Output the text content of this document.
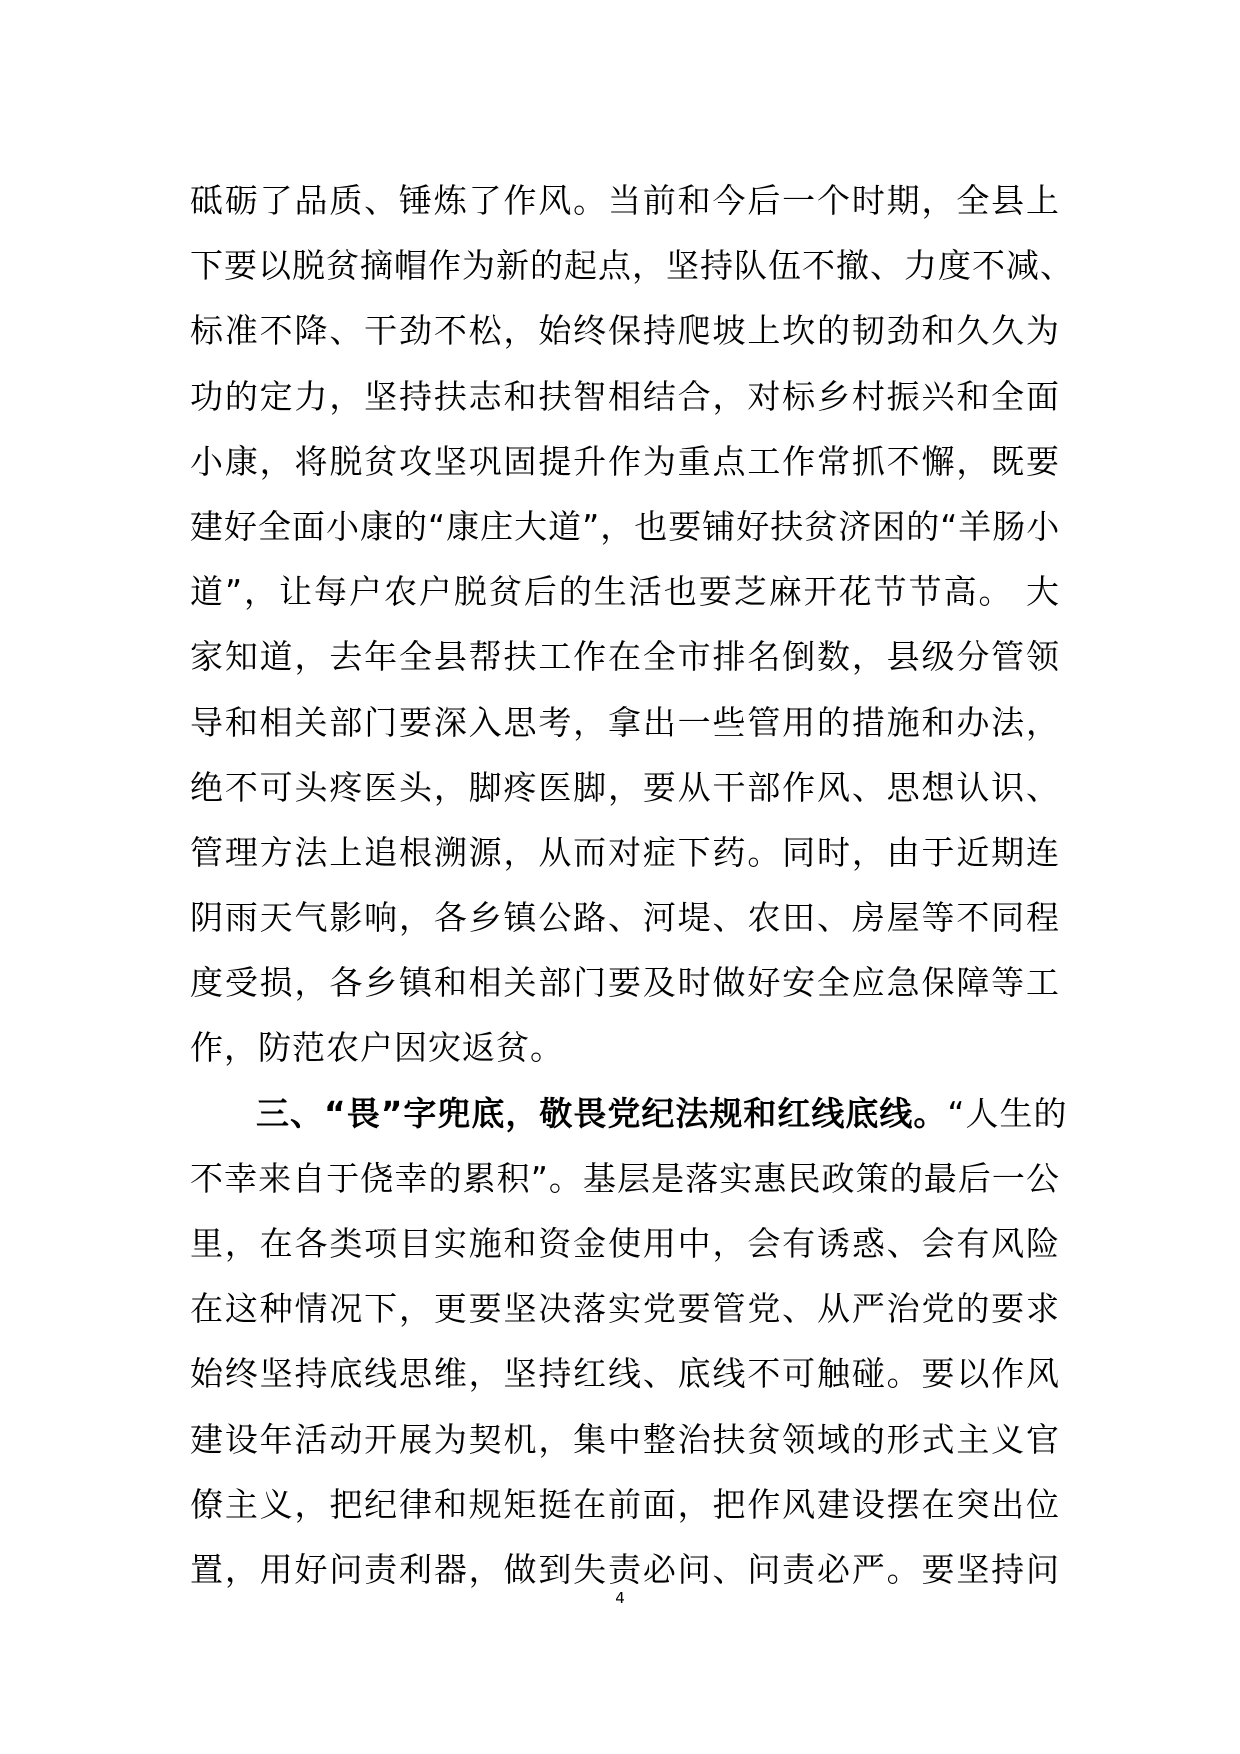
砥砺了品质、锤炼了作风。当前和今后一个时期，全县上
下要以脱贫摘帽作为新的起点，坚持队伍不撤、力度不减、
标准不降、干劲不松，始终保持爬坡上坎的韧劲和久久为
功的定力，坚持扶志和扶智相结合，对标乡村振兴和全面
小康，将脱贫攻坚巩固提升作为重点工作常抓不懈，既要
建好全面小康的“康庄大道”，也要铺好扶贫济困的“羊肠小
道”，让每户农户脱贫后的生活也要芝麻开花节节高。 大
家知道，去年全县帮扶工作在全市排名倒数，县级分管领
导和相关部门要深入思考，拿出一些管用的措施和办法，
绝不可头疼医头，脚疼医脚，要从干部作风、思想认识、
管理方法上追根溯源，从而对症下药。同时，由于近期连
阴雨天气影响，各乡镇公路、河堤、农田、房屋等不同程
度受损，各乡镇和相关部门要及时做好安全应急保障等工
作，防范农户因灾返贫。
三、“畏”字兜底，敬畏党纪法规和红线底线。“人生的
不幸来自于侥幸的累积”。基层是落实惠民政策的最后一公
里，在各类项目实施和资金使用中，会有诱惑、会有风险
在这种情况下，更要坚决落实党要管党、从严治党的要求
始终坚持底线思维，坚持红线、底线不可触碰。要以作风
建设年活动开展为契机，集中整治扶贫领域的形式主义官
僚主义，把纪律和规矩挺在前面，把作风建设摆在突出位
置，用好问责利器，做到失责必问、问责必严。要坚持问
4
